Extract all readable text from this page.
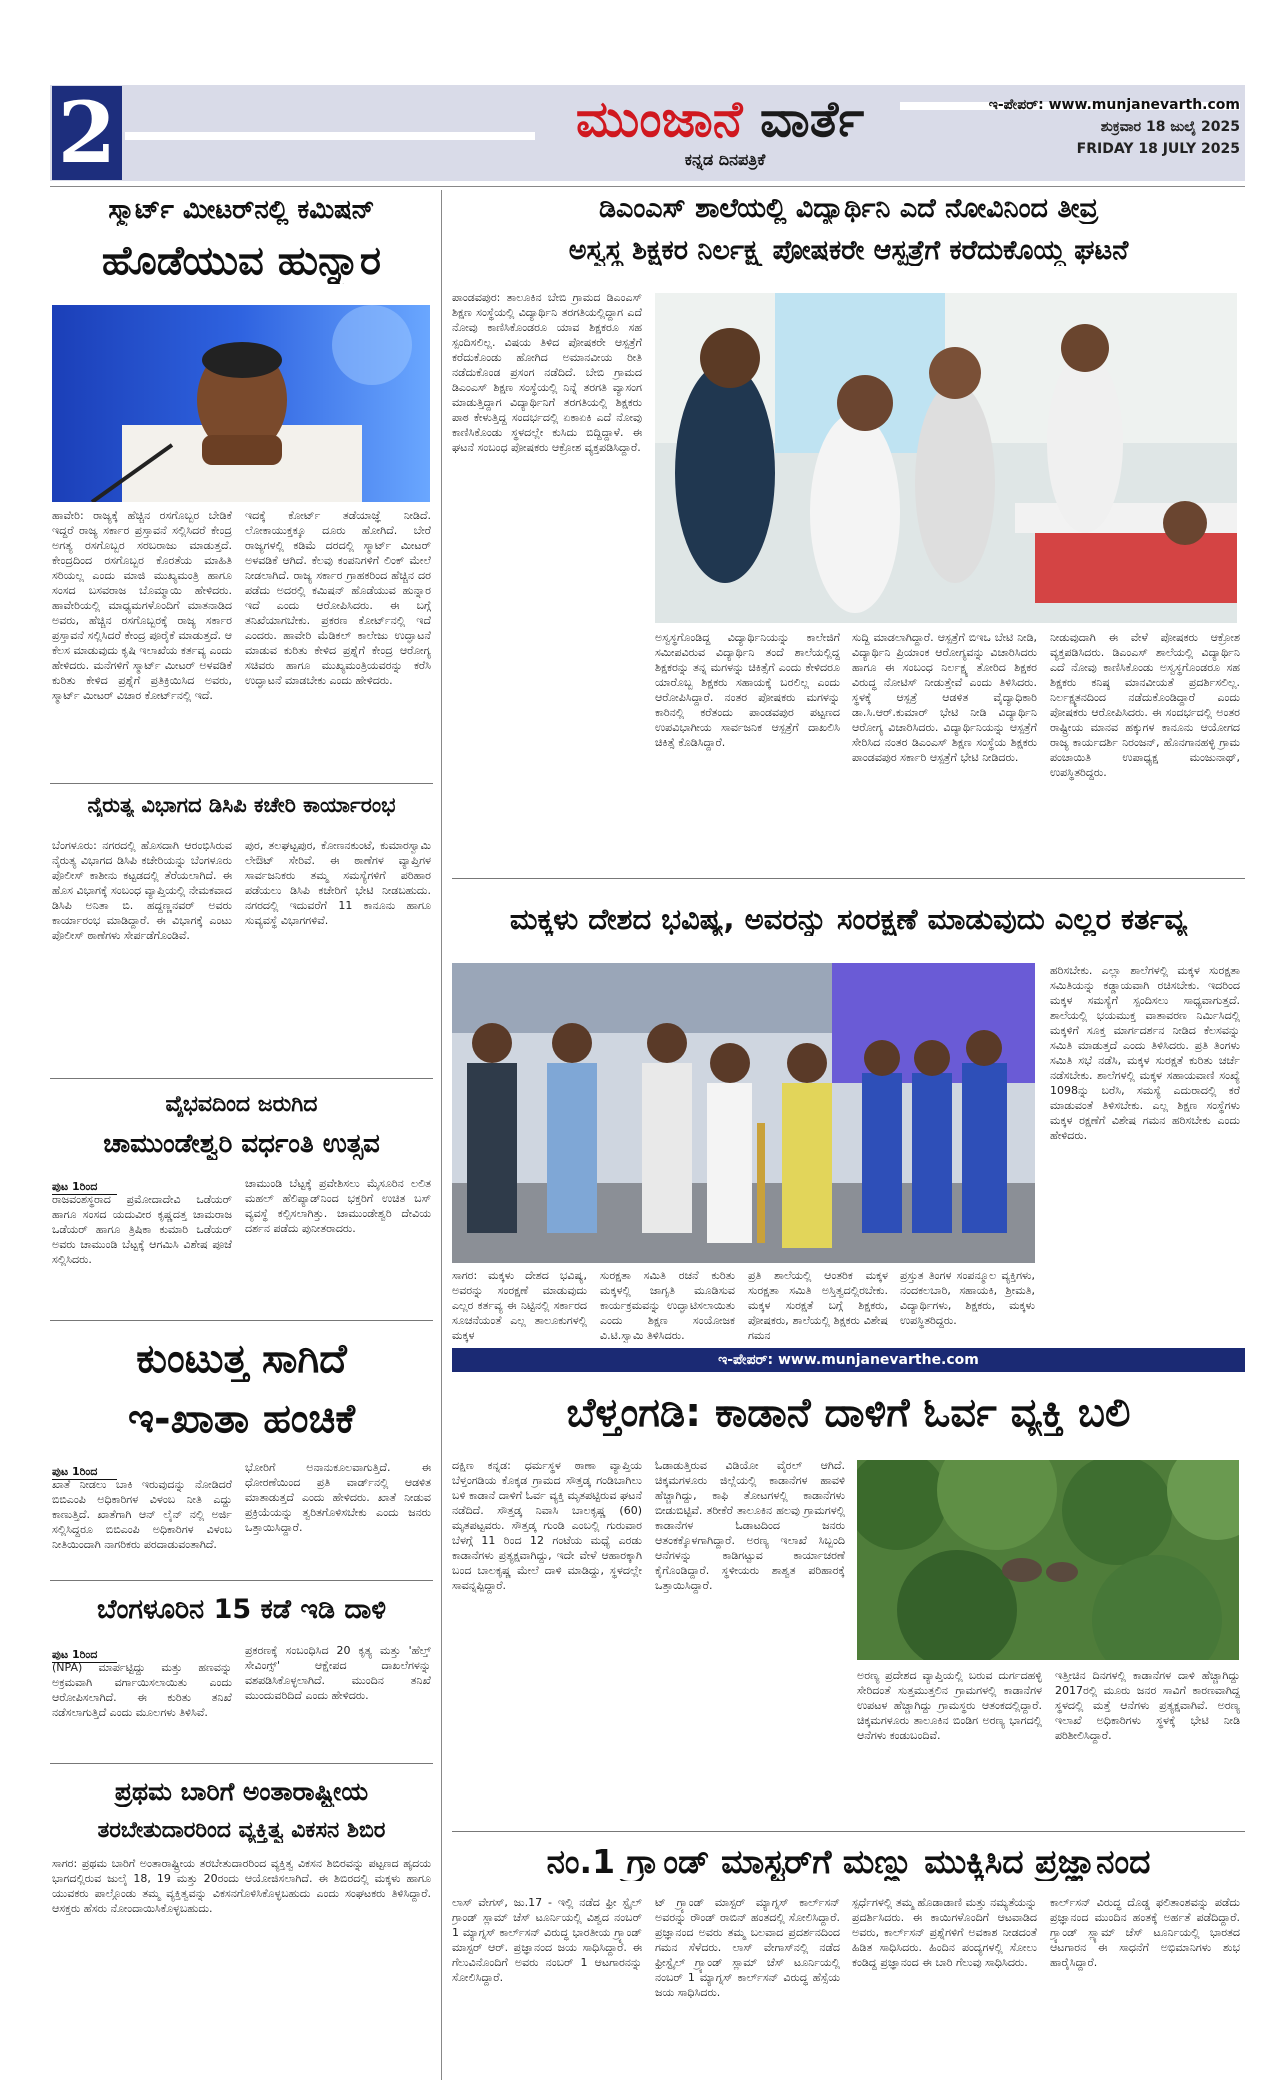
2	ಮುಂಜಾನೆ ವಾರ್ತೆ
ಕನ್ನಡ ದಿನಪತ್ರಿಕೆ
ಇ-ಪೇಪರ್: www.munjanevarth.com
ಶುಕ್ರವಾರ 18 ಜುಲೈ 2025
FRIDAY 18 JULY 2025
ಸ್ಮಾರ್ಟ್ ಮೀಟರ್‌ನಲ್ಲಿ ಕಮಿಷನ್
ಹೊಡೆಯುವ ಹುನ್ನಾರ
ಹಾವೇರಿ: ರಾಜ್ಯಕ್ಕೆ ಹೆಚ್ಚಿನ ರಸಗೊಬ್ಬರ ಬೇಡಿಕೆ ಇದ್ದರೆ ರಾಜ್ಯ ಸರ್ಕಾರ ಪ್ರಸ್ತಾವನೆ ಸಲ್ಲಿಸಿದರೆ ಕೇಂದ್ರ ಅಗತ್ಯ ರಸಗೊಬ್ಬರ ಸರಬರಾಜು ಮಾಡುತ್ತದೆ. ಕೇಂದ್ರದಿಂದ ರಸಗೊಬ್ಬರ ಕೊರತೆಯ ಮಾಹಿತಿ ಸರಿಯಲ್ಲ ಎಂದು ಮಾಜಿ ಮುಖ್ಯಮಂತ್ರಿ ಹಾಗೂ ಸಂಸದ ಬಸವರಾಜ ಬೊಮ್ಮಾಯಿ ಹೇಳಿದರು. ಹಾವೇರಿಯಲ್ಲಿ ಮಾಧ್ಯಮಗಳೊಂದಿಗೆ ಮಾತನಾಡಿದ ಅವರು, ಹೆಚ್ಚಿನ ರಸಗೊಬ್ಬರಕ್ಕೆ ರಾಜ್ಯ ಸರ್ಕಾರ ಪ್ರಸ್ತಾವನೆ ಸಲ್ಲಿಸಿದರೆ ಕೇಂದ್ರ ಪೂರೈಕೆ ಮಾಡುತ್ತದೆ. ಆ ಕೆಲಸ ಮಾಡುವುದು ಕೃಷಿ ಇಲಾಖೆಯ ಕರ್ತವ್ಯ ಎಂದು ಹೇಳಿದರು. ಮನೆಗಳಿಗೆ ಸ್ಮಾರ್ಟ್ ಮೀಟರ್ ಅಳವಡಿಕೆ ಕುರಿತು ಕೇಳಿದ ಪ್ರಶ್ನೆಗೆ ಪ್ರತಿಕ್ರಿಯಿಸಿದ ಅವರು, ಸ್ಮಾರ್ಟ್ ಮೀಟರ್ ವಿಚಾರ ಕೋರ್ಟ್‌ನಲ್ಲಿ ಇದೆ.
ಇದಕ್ಕೆ ಕೋರ್ಟ್ ತಡೆಯಾಜ್ಞೆ ನೀಡಿದೆ. ಲೋಕಾಯುಕ್ತಕ್ಕೂ ದೂರು ಹೋಗಿದೆ. ಬೇರೆ ರಾಜ್ಯಗಳಲ್ಲಿ ಕಡಿಮೆ ದರದಲ್ಲಿ ಸ್ಮಾರ್ಟ್ ಮೀಟರ್ ಅಳವಡಿಕೆ ಆಗಿದೆ. ಕೆಲವು ಕಂಪನಿಗಳಿಗೆ ಲಿಂಕ್ ಮೇಲೆ ನೀಡಲಾಗಿದೆ. ರಾಜ್ಯ ಸರ್ಕಾರ ಗ್ರಾಹಕರಿಂದ ಹೆಚ್ಚಿನ ದರ ಪಡೆದು ಅದರಲ್ಲಿ ಕಮಿಷನ್ ಹೊಡೆಯುವ ಹುನ್ನಾರ ಇದೆ ಎಂದು ಆರೋಪಿಸಿದರು. ಈ ಬಗ್ಗೆ ತನಿಖೆಯಾಗಬೇಕು. ಪ್ರಕರಣ ಕೋರ್ಟ್‌ನಲ್ಲಿ ಇದೆ ಎಂದರು. ಹಾವೇರಿ ಮೆಡಿಕಲ್ ಕಾಲೇಜು ಉದ್ಘಾಟನೆ ಮಾಡುವ ಕುರಿತು ಕೇಳಿದ ಪ್ರಶ್ನೆಗೆ ಕೇಂದ್ರ ಆರೋಗ್ಯ ಸಚಿವರು ಹಾಗೂ ಮುಖ್ಯಮಂತ್ರಿಯವರನ್ನು ಕರೆಸಿ ಉದ್ಘಾಟನೆ ಮಾಡಬೇಕು ಎಂದು ಹೇಳಿದರು.
ನೈರುತ್ಯ ವಿಭಾಗದ ಡಿಸಿಪಿ ಕಚೇರಿ ಕಾರ್ಯಾರಂಭ
ಬೆಂಗಳೂರು: ನಗರದಲ್ಲಿ ಹೊಸದಾಗಿ ಆರಂಭಿಸಿರುವ ನೈರುತ್ಯ ವಿಭಾಗದ ಡಿಸಿಪಿ ಕಚೇರಿಯನ್ನು ಬೆಂಗಳೂರು ಪೊಲೀಸ್ ಕಾಶೀನು ಕಟ್ಟಡದಲ್ಲಿ ತೆರೆಯಲಾಗಿದೆ. ಈ ಹೊಸ ವಿಭಾಗಕ್ಕೆ ಸಂಬಂಧ ವ್ಯಾಪ್ತಿಯಲ್ಲಿ ನೇಮಕವಾದ ಡಿಸಿಪಿ ಅನಿತಾ ಬಿ. ಹದ್ದಣ್ಣನವರ್ ಅವರು ಕಾರ್ಯಾರಂಭ ಮಾಡಿದ್ದಾರೆ. ಈ ವಿಭಾಗಕ್ಕೆ ಎಂಟು ಪೊಲೀಸ್ ಠಾಣೆಗಳು ಸೇರ್ಪಡೆಗೊಂಡಿವೆ.
ಪುರ, ತಲಘಟ್ಟಪುರ, ಕೋಣನಕುಂಟೆ, ಕುಮಾರಸ್ವಾಮಿ ಲೇಔಟ್ ಸೇರಿವೆ. ಈ ಠಾಣೆಗಳ ವ್ಯಾಪ್ತಿಗಳ ಸಾರ್ವಜನಿಕರು ತಮ್ಮ ಸಮಸ್ಯೆಗಳಿಗೆ ಪರಿಹಾರ ಪಡೆಯಲು ಡಿಸಿಪಿ ಕಚೇರಿಗೆ ಭೇಟಿ ನೀಡಬಹುದು. ನಗರದಲ್ಲಿ ಇದುವರೆಗೆ 11 ಕಾನೂನು ಹಾಗೂ ಸುವ್ಯವಸ್ಥೆ ವಿಭಾಗಗಳಿವೆ.
ವೈಭವದಿಂದ ಜರುಗಿದ
ಚಾಮುಂಡೇಶ್ವರಿ ವರ್ಧಂತಿ ಉತ್ಸವ
ಪುಟ 1ರಿಂದ
ರಾಜವಂಶಸ್ಥರಾದ ಪ್ರಮೋದಾದೇವಿ ಒಡೆಯರ್ ಹಾಗೂ ಸಂಸದ ಯದುವೀರ ಕೃಷ್ಣದತ್ತ ಚಾಮರಾಜ ಒಡೆಯರ್ ಹಾಗೂ ತ್ರಿಷಿಕಾ ಕುಮಾರಿ ಒಡೆಯರ್ ಅವರು ಚಾಮುಂಡಿ ಬೆಟ್ಟಕ್ಕೆ ಆಗಮಿಸಿ ವಿಶೇಷ ಪೂಜೆ ಸಲ್ಲಿಸಿದರು.
ಚಾಮುಂಡಿ ಬೆಟ್ಟಕ್ಕೆ ಪ್ರವೇಶಿಸಲು ಮೈಸೂರಿನ ಲಲಿತ ಮಹಲ್ ಹೆಲಿಪ್ಯಾಡ್‌ನಿಂದ ಭಕ್ತರಿಗೆ ಉಚಿತ ಬಸ್ ವ್ಯವಸ್ಥೆ ಕಲ್ಪಿಸಲಾಗಿತ್ತು. ಚಾಮುಂಡೇಶ್ವರಿ ದೇವಿಯ ದರ್ಶನ ಪಡೆದು ಪುನೀತರಾದರು.
ಕುಂಟುತ್ತ ಸಾಗಿದೆ
ಇ-ಖಾತಾ ಹಂಚಿಕೆ
ಪುಟ 1ರಿಂದ
ಖಾತೆ ನೀಡಲು ಬಾಕಿ ಇರುವುದನ್ನು ನೋಡಿದರೆ ಬಿಬಿಎಂಪಿ ಅಧಿಕಾರಿಗಳ ವಿಳಂಬ ನೀತಿ ಎದ್ದು ಕಾಣುತ್ತಿದೆ. ಖಾತೆಗಾಗಿ ಆನ್ ಲೈನ್ ನಲ್ಲಿ ಅರ್ಜಿ ಸಲ್ಲಿಸಿದ್ದರೂ ಬಿಬಿಎಂಪಿ ಅಧಿಕಾರಿಗಳ ವಿಳಂಬ ನೀತಿಯಿಂದಾಗಿ ನಾಗರಿಕರು ಪರದಾಡುವಂತಾಗಿದೆ.
ಭೋರಿಗೆ ಅನಾನುಕೂಲವಾಗುತ್ತಿದೆ. ಈ ಧೋರಣೆಯಿಂದ ಪ್ರತಿ ವಾರ್ಡ್‌ನಲ್ಲಿ ಆಡಳಿತ ಮಾತಾಡುತ್ತದೆ ಎಂದು ಹೇಳಿದರು. ಖಾತೆ ನೀಡುವ ಪ್ರಕ್ರಿಯೆಯನ್ನು ತ್ವರಿತಗೊಳಿಸಬೇಕು ಎಂದು ಜನರು ಒತ್ತಾಯಿಸಿದ್ದಾರೆ.
ಬೆಂಗಳೂರಿನ 15 ಕಡೆ ಇಡಿ ದಾಳಿ
ಪುಟ 1ರಿಂದ
(NPA) ಮಾರ್ಪಟ್ಟಿದ್ದು ಮತ್ತು ಹಣವನ್ನು ಅಕ್ರಮವಾಗಿ ವರ್ಗಾಯಿಸಲಾಯಿತು ಎಂದು ಆರೋಪಿಸಲಾಗಿದೆ. ಈ ಕುರಿತು ತನಿಖೆ ನಡೆಸಲಾಗುತ್ತಿದೆ ಎಂದು ಮೂಲಗಳು ತಿಳಿಸಿವೆ.
ಪ್ರಕರಣಕ್ಕೆ ಸಂಬಂಧಿಸಿದ 20 ಕೃತ್ಯ ಮತ್ತು 'ಹೆಲ್ತ್ ಸೇವಿಂಗ್ಸ್' ಆಕ್ಷೇಪದ ದಾಖಲೆಗಳನ್ನು ವಶಪಡಿಸಿಕೊಳ್ಳಲಾಗಿದೆ. ಮುಂದಿನ ತನಿಖೆ ಮುಂದುವರಿದಿದೆ ಎಂದು ಹೇಳಿದರು.
ಪ್ರಥಮ ಬಾರಿಗೆ ಅಂತಾರಾಷ್ಟ್ರೀಯ
ತರಬೇತುದಾರರಿಂದ ವ್ಯಕ್ತಿತ್ವ ವಿಕಸನ ಶಿಬಿರ
ಸಾಗರ: ಪ್ರಥಮ ಬಾರಿಗೆ ಅಂತಾರಾಷ್ಟ್ರೀಯ ತರಬೇತುದಾರರಿಂದ ವ್ಯಕ್ತಿತ್ವ ವಿಕಸನ ಶಿಬಿರವನ್ನು ಪಟ್ಟಣದ ಹೃದಯ ಭಾಗದಲ್ಲಿರುವ ಜುಲೈ 18, 19 ಮತ್ತು 20ರಂದು ಆಯೋಜಿಸಲಾಗಿದೆ. ಈ ಶಿಬಿರದಲ್ಲಿ ಮಕ್ಕಳು ಹಾಗೂ ಯುವಕರು ಪಾಲ್ಗೊಂಡು ತಮ್ಮ ವ್ಯಕ್ತಿತ್ವವನ್ನು ವಿಕಸನಗೊಳಿಸಿಕೊಳ್ಳಬಹುದು ಎಂದು ಸಂಘಟಕರು ತಿಳಿಸಿದ್ದಾರೆ. ಆಸಕ್ತರು ಹೆಸರು ನೋಂದಾಯಿಸಿಕೊಳ್ಳಬಹುದು.
ಡಿಎಂಎಸ್ ಶಾಲೆಯಲ್ಲಿ ವಿದ್ಯಾರ್ಥಿನಿ ಎದೆ ನೋವಿನಿಂದ ತೀವ್ರ
ಅಸ್ವಸ್ಥ ಶಿಕ್ಷಕರ ನಿರ್ಲಕ್ಷ್ಯ ಪೋಷಕರೇ ಆಸ್ಪತ್ರೆಗೆ ಕರೆದುಕೊಯ್ದ ಘಟನೆ
ಪಾಂಡವಪುರ: ತಾಲೂಕಿನ ಬೇಬಿ ಗ್ರಾಮದ ಡಿಎಂಎಸ್ ಶಿಕ್ಷಣ ಸಂಸ್ಥೆಯಲ್ಲಿ ವಿದ್ಯಾರ್ಥಿನಿ ತರಗತಿಯಲ್ಲಿದ್ದಾಗ ಎದೆ ನೋವು ಕಾಣಿಸಿಕೊಂಡರೂ ಯಾವ ಶಿಕ್ಷಕರೂ ಸಹ ಸ್ಪಂದಿಸಲಿಲ್ಲ. ವಿಷಯ ತಿಳಿದ ಪೋಷಕರೇ ಆಸ್ಪತ್ರೆಗೆ ಕರೆದುಕೊಂಡು ಹೋಗಿದ ಅಮಾನವೀಯ ರೀತಿ ನಡೆದುಕೊಂಡ ಪ್ರಸಂಗ ನಡೆದಿದೆ. ಬೇಬಿ ಗ್ರಾಮದ ಡಿಎಂಎಸ್ ಶಿಕ್ಷಣ ಸಂಸ್ಥೆಯಲ್ಲಿ ನಿನ್ನೆ ತರಗತಿ ವ್ಯಾಸಂಗ ಮಾಡುತ್ತಿದ್ದಾಗ ವಿದ್ಯಾರ್ಥಿನಿಗೆ ತರಗತಿಯಲ್ಲಿ ಶಿಕ್ಷಕರು ಪಾಠ ಕೇಳುತ್ತಿದ್ದ ಸಂದರ್ಭದಲ್ಲಿ ಏಕಾಏಕಿ ಎದೆ ನೋವು ಕಾಣಿಸಿಕೊಂಡು ಸ್ಥಳದಲ್ಲೇ ಕುಸಿದು ಬಿದ್ದಿದ್ದಾಳೆ. ಈ ಘಟನೆ ಸಂಬಂಧ ಪೋಷಕರು ಆಕ್ರೋಶ ವ್ಯಕ್ತಪಡಿಸಿದ್ದಾರೆ.
ಅಸ್ವಸ್ಥಗೊಂಡಿದ್ದ ವಿದ್ಯಾರ್ಥಿನಿಯನ್ನು ಕಾಲೇಜಿಗೆ ಸಮೀಪವಿರುವ ವಿದ್ಯಾರ್ಥಿನಿ ತಂದೆ ಶಾಲೆಯಲ್ಲಿದ್ದ ಶಿಕ್ಷಕರನ್ನು ತನ್ನ ಮಗಳನ್ನು ಚಿಕಿತ್ಸೆಗೆ ಎಂದು ಕೇಳಿದರೂ ಯಾರೊಬ್ಬ ಶಿಕ್ಷಕರು ಸಹಾಯಕ್ಕೆ ಬರಲಿಲ್ಲ ಎಂದು ಆರೋಪಿಸಿದ್ದಾರೆ. ನಂತರ ಪೋಷಕರು ಮಗಳನ್ನು ಕಾರಿನಲ್ಲಿ ಕರೆತಂದು ಪಾಂಡವಪುರ ಪಟ್ಟಣದ ಉಪವಿಭಾಗೀಯ ಸಾರ್ವಜನಿಕ ಆಸ್ಪತ್ರೆಗೆ ದಾಖಲಿಸಿ ಚಿಕಿತ್ಸೆ ಕೊಡಿಸಿದ್ದಾರೆ.
ಸುದ್ದಿ ಮಾಡಲಾಗಿದ್ದಾರೆ. ಆಸ್ಪತ್ರೆಗೆ ಬಿಇಒ ಬೇಟಿ ನೀಡಿ, ವಿದ್ಯಾರ್ಥಿನಿ ಪ್ರಿಯಾಂಕ ಆರೋಗ್ಯವನ್ನು ವಿಚಾರಿಸಿದರು ಹಾಗೂ ಈ ಸಂಬಂಧ ನಿರ್ಲಕ್ಷ್ಯ ತೋರಿದ ಶಿಕ್ಷಕರ ವಿರುದ್ಧ ನೋಟಿಸ್ ನೀಡುತ್ತೇವೆ ಎಂದು ತಿಳಿಸಿದರು. ಸ್ಥಳಕ್ಕೆ ಆಸ್ಪತ್ರೆ ಆಡಳಿತ ವೈದ್ಯಾಧಿಕಾರಿ ಡಾ.ಸಿ.ಆರ್.ಕುಮಾರ್ ಭೇಟಿ ನೀಡಿ ವಿದ್ಯಾರ್ಥಿನಿ ಆರೋಗ್ಯ ವಿಚಾರಿಸಿದರು. ವಿದ್ಯಾರ್ಥಿನಿಯನ್ನು ಆಸ್ಪತ್ರೆಗೆ ಸೇರಿಸಿದ ನಂತರ ಡಿಎಂಎಸ್ ಶಿಕ್ಷಣ ಸಂಸ್ಥೆಯ ಶಿಕ್ಷಕರು ಪಾಂಡವಪುರ ಸರ್ಕಾರಿ ಆಸ್ಪತ್ರೆಗೆ ಭೇಟಿ ನೀಡಿದರು.
ನೀಡುವುದಾಗಿ ಈ ವೇಳೆ ಪೋಷಕರು ಆಕ್ರೋಶ ವ್ಯಕ್ತಪಡಿಸಿದರು. ಡಿಎಂಎಸ್ ಶಾಲೆಯಲ್ಲಿ ವಿದ್ಯಾರ್ಥಿನಿ ಎದೆ ನೋವು ಕಾಣಿಸಿಕೊಂಡು ಅಸ್ವಸ್ಥಗೊಂಡರೂ ಸಹ ಶಿಕ್ಷಕರು ಕನಿಷ್ಠ ಮಾನವೀಯತೆ ಪ್ರದರ್ಶಿಸಲಿಲ್ಲ. ನಿರ್ಲಕ್ಷ್ಯತನದಿಂದ ನಡೆದುಕೊಂಡಿದ್ದಾರೆ ಎಂದು ಪೋಷಕರು ಆರೋಪಿಸಿದರು. ಈ ಸಂದರ್ಭದಲ್ಲಿ ಅಂತರ ರಾಷ್ಟ್ರೀಯ ಮಾನವ ಹಕ್ಕುಗಳ ಕಾನೂನು ಆಯೋಗದ ರಾಜ್ಯ ಕಾರ್ಯದರ್ಶಿ ನಿರಂಜನ್, ಹೊನಗಾನಹಳ್ಳಿ ಗ್ರಾಮ ಪಂಚಾಯಿತಿ ಉಪಾಧ್ಯಕ್ಷ ಮಂಜುನಾಥ್, ಉಪಸ್ಥಿತರಿದ್ದರು.
ಮಕ್ಕಳು ದೇಶದ ಭವಿಷ್ಯ, ಅವರನ್ನು ಸಂರಕ್ಷಣೆ ಮಾಡುವುದು ಎಲ್ಲರ ಕರ್ತವ್ಯ
ಹರಿಸಬೇಕು. ಎಲ್ಲಾ ಶಾಲೆಗಳಲ್ಲಿ ಮಕ್ಕಳ ಸುರಕ್ಷತಾ ಸಮಿತಿಯನ್ನು ಕಡ್ಡಾಯವಾಗಿ ರಚಿಸಬೇಕು. ಇದರಿಂದ ಮಕ್ಕಳ ಸಮಸ್ಯೆಗೆ ಸ್ಪಂದಿಸಲು ಸಾಧ್ಯವಾಗುತ್ತದೆ. ಶಾಲೆಯಲ್ಲಿ ಭಯಮುಕ್ತ ವಾತಾವರಣ ನಿರ್ಮಿಸಿದಲ್ಲಿ ಮಕ್ಕಳಿಗೆ ಸೂಕ್ತ ಮಾರ್ಗದರ್ಶನ ನೀಡಿದ ಕೆಲಸವನ್ನು ಸಮಿತಿ ಮಾಡುತ್ತದೆ ಎಂದು ತಿಳಿಸಿದರು. ಪ್ರತಿ ತಿಂಗಳು ಸಮಿತಿ ಸಭೆ ನಡೆಸಿ, ಮಕ್ಕಳ ಸುರಕ್ಷತೆ ಕುರಿತು ಚರ್ಚೆ ನಡೆಸಬೇಕು. ಶಾಲೆಗಳಲ್ಲಿ ಮಕ್ಕಳ ಸಹಾಯವಾಣಿ ಸಂಖ್ಯೆ 1098ನ್ನು ಬರೆಸಿ, ಸಮಸ್ಯೆ ಎದುರಾದಲ್ಲಿ ಕರೆ ಮಾಡುವಂತೆ ತಿಳಿಸಬೇಕು. ಎಲ್ಲ ಶಿಕ್ಷಣ ಸಂಸ್ಥೆಗಳು ಮಕ್ಕಳ ರಕ್ಷಣೆಗೆ ವಿಶೇಷ ಗಮನ ಹರಿಸಬೇಕು ಎಂದು ಹೇಳಿದರು.
ಸಾಗರ: ಮಕ್ಕಳು ದೇಶದ ಭವಿಷ್ಯ, ಅವರನ್ನು ಸಂರಕ್ಷಣೆ ಮಾಡುವುದು ಎಲ್ಲರ ಕರ್ತವ್ಯ ಈ ನಿಟ್ಟಿನಲ್ಲಿ ಸರ್ಕಾರದ ಸೂಚನೆಯಂತೆ ಎಲ್ಲ ತಾಲೂಕುಗಳಲ್ಲಿ ಮಕ್ಕಳ
ಸುರಕ್ಷತಾ ಸಮಿತಿ ರಚನೆ ಕುರಿತು ಮಕ್ಕಳಲ್ಲಿ ಜಾಗೃತಿ ಮೂಡಿಸುವ ಕಾರ್ಯಕ್ರಮವನ್ನು ಉದ್ಘಾಟಿಸಲಾಯಿತು ಎಂದು ಶಿಕ್ಷಣ ಸಂಯೋಜಕ ವಿ.ಟಿ.ಸ್ವಾಮಿ ತಿಳಿಸಿದರು.
ಪ್ರತಿ ಶಾಲೆಯಲ್ಲಿ ಆಂತರಿಕ ಮಕ್ಕಳ ಸುರಕ್ಷತಾ ಸಮಿತಿ ಅಸ್ತಿತ್ವದಲ್ಲಿರಬೇಕು. ಮಕ್ಕಳ ಸುರಕ್ಷತೆ ಬಗ್ಗೆ ಶಿಕ್ಷಕರು, ಪೋಷಕರು, ಶಾಲೆಯಲ್ಲಿ ಶಿಕ್ಷಕರು ವಿಶೇಷ ಗಮನ
ಪ್ರಸ್ತುತ ತಿಂಗಳ ಸಂಪನ್ಮೂಲ ವ್ಯಕ್ತಿಗಳು, ನಂದಕಲಬಾರಿ, ಸಹಾಯಕಿ, ಶ್ರೀಮತಿ, ವಿದ್ಯಾರ್ಥಿಗಳು, ಶಿಕ್ಷಕರು, ಮಕ್ಕಳು ಉಪಸ್ಥಿತರಿದ್ದರು.
ಇ-ಪೇಪರ್: www.munjanevarthe.com
ಬೆಳ್ತಂಗಡಿ: ಕಾಡಾನೆ ದಾಳಿಗೆ ಓರ್ವ ವ್ಯಕ್ತಿ ಬಲಿ
ದಕ್ಷಿಣ ಕನ್ನಡ: ಧರ್ಮಸ್ಥಳ ಠಾಣಾ ವ್ಯಾಪ್ತಿಯ ಬೆಳ್ತಂಗಡಿಯ ಕೊಕ್ಕಡ ಗ್ರಾಮದ ಸೌತ್ತಡ್ಕ ಗಂಡಿಬಾಗಿಲು ಬಳಿ ಕಾಡಾನೆ ದಾಳಿಗೆ ಓರ್ವ ವ್ಯಕ್ತಿ ಮೃತಪಟ್ಟಿರುವ ಘಟನೆ ನಡೆದಿದೆ. ಸೌತ್ತಡ್ಕ ನಿವಾಸಿ ಬಾಲಕೃಷ್ಣ (60) ಮೃತಪಟ್ಟವರು. ಸೌತ್ತಡ್ಕ ಗುಂಡಿ ಎಂಬಲ್ಲಿ ಗುರುವಾರ ಬೆಳಗ್ಗೆ 11 ರಿಂದ 12 ಗಂಟೆಯ ಮಧ್ಯೆ ಎರಡು ಕಾಡಾನೆಗಳು ಪ್ರತ್ಯಕ್ಷವಾಗಿದ್ದು, ಇದೇ ವೇಳೆ ಆಹಾರಕ್ಕಾಗಿ ಬಂದ ಬಾಲಕೃಷ್ಣ ಮೇಲೆ ದಾಳಿ ಮಾಡಿದ್ದು, ಸ್ಥಳದಲ್ಲೇ ಸಾವನ್ನಪ್ಪಿದ್ದಾರೆ.
ಓಡಾಡುತ್ತಿರುವ ವಿಡಿಯೋ ವೈರಲ್ ಆಗಿದೆ. ಚಿಕ್ಕಮಗಳೂರು ಜಿಲ್ಲೆಯಲ್ಲಿ ಕಾಡಾನೆಗಳ ಹಾವಳಿ ಹೆಚ್ಚಾಗಿದ್ದು, ಕಾಫಿ ತೋಟಗಳಲ್ಲಿ ಕಾಡಾನೆಗಳು ಬೀಡುಬಿಟ್ಟಿವೆ. ತರೀಕೆರೆ ತಾಲೂಕಿನ ಹಲವು ಗ್ರಾಮಗಳಲ್ಲಿ ಕಾಡಾನೆಗಳ ಓಡಾಟದಿಂದ ಜನರು ಆತಂಕಕ್ಕೊಳಗಾಗಿದ್ದಾರೆ. ಅರಣ್ಯ ಇಲಾಖೆ ಸಿಬ್ಬಂದಿ ಆನೆಗಳನ್ನು ಕಾಡಿಗಟ್ಟುವ ಕಾರ್ಯಾಚರಣೆ ಕೈಗೊಂಡಿದ್ದಾರೆ. ಸ್ಥಳೀಯರು ಶಾಶ್ವತ ಪರಿಹಾರಕ್ಕೆ ಒತ್ತಾಯಿಸಿದ್ದಾರೆ.
ಅರಣ್ಯ ಪ್ರದೇಶದ ವ್ಯಾಪ್ತಿಯಲ್ಲಿ ಬರುವ ದುರ್ಗದಹಳ್ಳಿ ಸೇರಿದಂತೆ ಸುತ್ತಮುತ್ತಲಿನ ಗ್ರಾಮಗಳಲ್ಲಿ ಕಾಡಾನೆಗಳ ಉಪಟಳ ಹೆಚ್ಚಾಗಿದ್ದು ಗ್ರಾಮಸ್ಥರು ಆತಂಕದಲ್ಲಿದ್ದಾರೆ. ಚಿಕ್ಕಮಗಳೂರು ತಾಲೂಕಿನ ಬಿಂಡಿಗ ಅರಣ್ಯ ಭಾಗದಲ್ಲಿ ಆನೆಗಳು ಕಂಡುಬಂದಿವೆ.
ಇತ್ತೀಚಿನ ದಿನಗಳಲ್ಲಿ ಕಾಡಾನೆಗಳ ದಾಳಿ ಹೆಚ್ಚಾಗಿದ್ದು 2017ರಲ್ಲಿ ಮೂರು ಜನರ ಸಾವಿಗೆ ಕಾರಣವಾಗಿದ್ದ ಸ್ಥಳದಲ್ಲಿ ಮತ್ತೆ ಆನೆಗಳು ಪ್ರತ್ಯಕ್ಷವಾಗಿವೆ. ಅರಣ್ಯ ಇಲಾಖೆ ಅಧಿಕಾರಿಗಳು ಸ್ಥಳಕ್ಕೆ ಭೇಟಿ ನೀಡಿ ಪರಿಶೀಲಿಸಿದ್ದಾರೆ.
ನಂ.1 ಗ್ರ್ಯಾಂಡ್ ಮಾಸ್ಟರ್‌ಗೆ ಮಣ್ಣು ಮುಕ್ಕಿಸಿದ ಪ್ರಜ್ಞಾನಂದ
ಲಾಸ್ ವೇಗಸ್, ಜು.17 - ಇಲ್ಲಿ ನಡೆದ ಫ್ರೀ ಸ್ಟೈಲ್ ಗ್ರಾಂಡ್ ಸ್ಲಾಮ್ ಚೆಸ್ ಟೂರ್ನಿಯಲ್ಲಿ ವಿಶ್ವದ ನಂಬರ್ 1 ಮ್ಯಾಗ್ನಸ್ ಕಾರ್ಲ್‌ಸನ್ ವಿರುದ್ಧ ಭಾರತೀಯ ಗ್ರ್ಯಾಂಡ್ ಮಾಸ್ಟರ್ ಆರ್. ಪ್ರಜ್ಞಾನಂದ ಜಯ ಸಾಧಿಸಿದ್ದಾರೆ. ಈ ಗೆಲುವಿನೊಂದಿಗೆ ಅವರು ನಂಬರ್ 1 ಆಟಗಾರನನ್ನು ಸೋಲಿಸಿದ್ದಾರೆ.
ಟ್ ಗ್ರ್ಯಾಂಡ್ ಮಾಸ್ಟರ್ ಮ್ಯಾಗ್ನಸ್ ಕಾರ್ಲ್‌ಸನ್ ಅವರನ್ನು ರೌಂಡ್ ರಾಬಿನ್ ಹಂತದಲ್ಲಿ ಸೋಲಿಸಿದ್ದಾರೆ. ಪ್ರಜ್ಞಾನಂದ ಅವರು ತಮ್ಮ ಬಲವಾದ ಪ್ರದರ್ಶನದಿಂದ ಗಮನ ಸೆಳೆದರು. ಲಾಸ್ ವೇಗಾಸ್‌ನಲ್ಲಿ ನಡೆದ ಫ್ರೀಸ್ಟೈಲ್ ಗ್ರ್ಯಾಂಡ್ ಸ್ಲಾಮ್ ಚೆಸ್ ಟೂರ್ನಿಯಲ್ಲಿ ನಂಬರ್ 1 ಮ್ಯಾಗ್ನಸ್ ಕಾರ್ಲ್‌ಸನ್ ವಿರುದ್ಧ ಹೆಸ್ಸೆಯ ಜಯ ಸಾಧಿಸಿದರು.
ಸ್ಪರ್ಧೆಗಳಲ್ಲಿ ತಮ್ಮ ಹೊಡಾಡಾಣಿ ಮತ್ತು ನಮ್ಯತೆಯನ್ನು ಪ್ರದರ್ಶಿಸಿದರು. ಈ ಕಾಯಿಗಳೊಂದಿಗೆ ಆಟವಾಡಿದ ಅವರು, ಕಾರ್ಲ್‌ಸನ್ ಪ್ರಶ್ನೆಗಳಿಗೆ ಅವಕಾಶ ನೀಡದಂತೆ ಹಿಡಿತ ಸಾಧಿಸಿದರು. ಹಿಂದಿನ ಪಂದ್ಯಗಳಲ್ಲಿ ಸೋಲು ಕಂಡಿದ್ದ ಪ್ರಜ್ಞಾನಂದ ಈ ಬಾರಿ ಗೆಲುವು ಸಾಧಿಸಿದರು.
ಕಾರ್ಲ್‌ಸನ್ ವಿರುದ್ಧ ದೊಡ್ಡ ಫಲಿತಾಂಶವನ್ನು ಪಡೆದು ಪ್ರಜ್ಞಾನಂದ ಮುಂದಿನ ಹಂತಕ್ಕೆ ಅರ್ಹತೆ ಪಡೆದಿದ್ದಾರೆ. ಗ್ರ್ಯಾಂಡ್ ಸ್ಲ್ಯಾಮ್ ಚೆಸ್ ಟೂರ್ನಿಯಲ್ಲಿ ಭಾರತದ ಆಟಗಾರನ ಈ ಸಾಧನೆಗೆ ಅಭಿಮಾನಿಗಳು ಶುಭ ಹಾರೈಸಿದ್ದಾರೆ.
